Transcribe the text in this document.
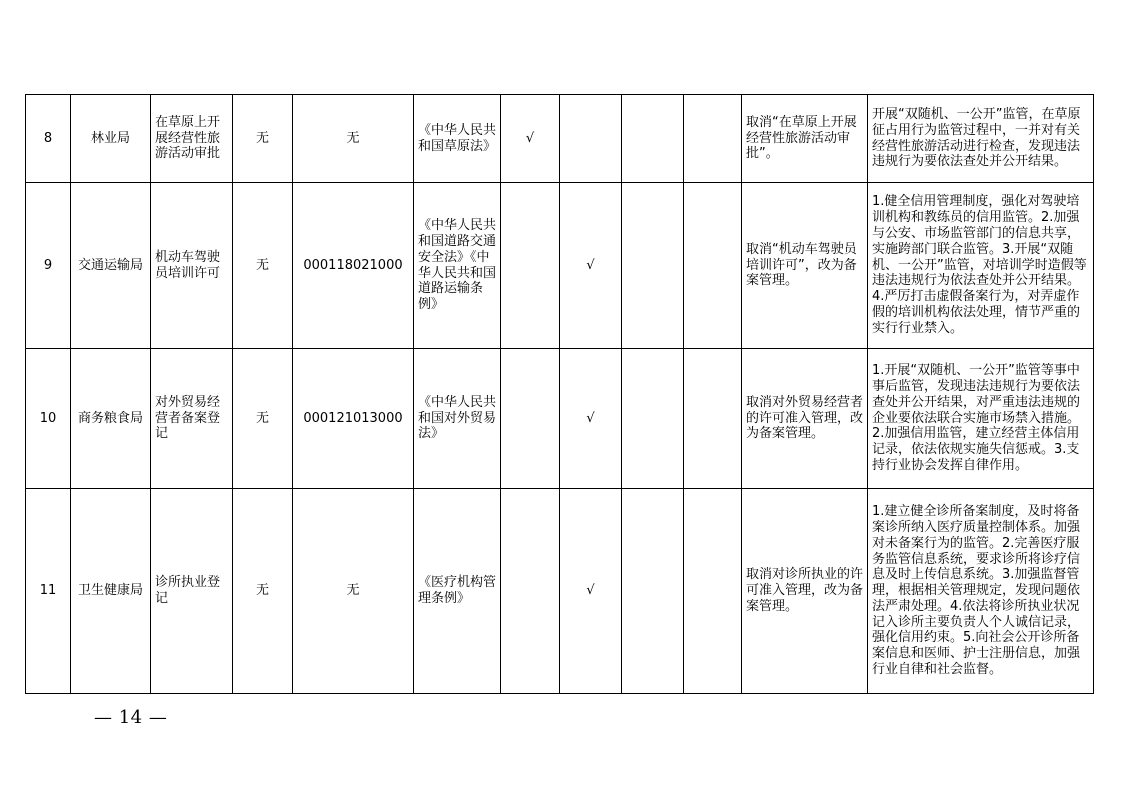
8	林业局	在草原上开展经营性旅游活动审批	无	无	《中华人民共和国草原法》	√				取消“在草原上开展经营性旅游活动审批”。	开展“双随机、一公开”监管，在草原征占用行为监管过程中，一并对有关经营性旅游活动进行检查，发现违法违规行为要依法查处并公开结果。
9	交通运输局	机动车驾驶员培训许可	无	000118021000	《中华人民共和国道路交通安全法》《中华人民共和国道路运输条例》		√			取消“机动车驾驶员培训许可”，改为备案管理。	1.健全信用管理制度，强化对驾驶培训机构和教练员的信用监管。2.加强与公安、市场监管部门的信息共享，实施跨部门联合监管。3.开展“双随机、一公开”监管，对培训学时造假等违法违规行为依法查处并公开结果。4.严厉打击虚假备案行为，对弄虚作假的培训机构依法处理，情节严重的实行行业禁入。
10	商务粮食局	对外贸易经营者备案登记	无	000121013000	《中华人民共和国对外贸易法》		√			取消对外贸易经营者的许可准入管理，改为备案管理。	1.开展“双随机、一公开”监管等事中事后监管，发现违法违规行为要依法查处并公开结果，对严重违法违规的企业要依法联合实施市场禁入措施。2.加强信用监管，建立经营主体信用记录，依法依规实施失信惩戒。3.支持行业协会发挥自律作用。
11	卫生健康局	诊所执业登记	无	无	《医疗机构管理条例》		√			取消对诊所执业的许可准入管理，改为备案管理。	1.建立健全诊所备案制度，及时将备案诊所纳入医疗质量控制体系。加强对未备案行为的监管。2.完善医疗服务监管信息系统，要求诊所将诊疗信息及时上传信息系统。3.加强监督管理，根据相关管理规定，发现问题依法严肃处理。4.依法将诊所执业状况记入诊所主要负责人个人诚信记录，强化信用约束。5.向社会公开诊所备案信息和医师、护士注册信息，加强行业自律和社会监督。
— 14 —
